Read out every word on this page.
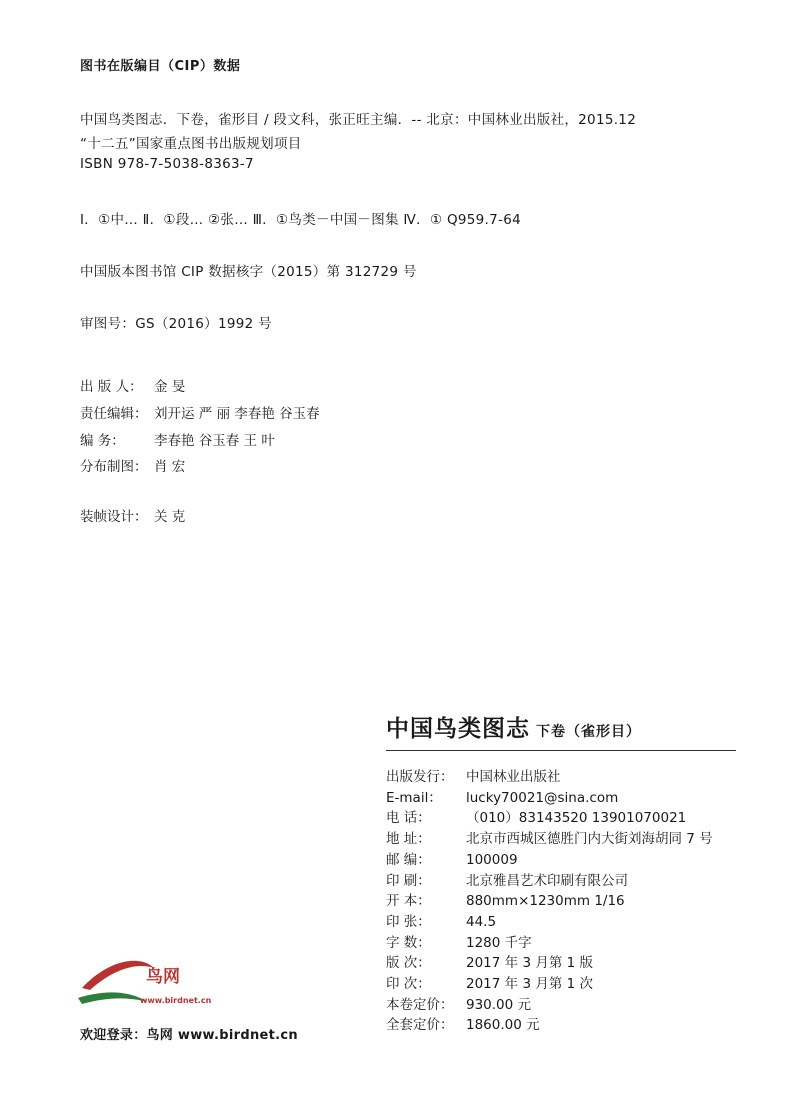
图书在版编目（CIP）数据
中国鸟类图志．下卷，雀形目 / 段文科，张正旺主编．-- 北京：中国林业出版社，2015.12
“十二五”国家重点图书出版规划项目
ISBN 978-7-5038-8363-7
Ⅰ．①中… Ⅱ．①段… ②张… Ⅲ．①鸟类－中国－图集 Ⅳ．① Q959.7-64
中国版本图书馆 CIP 数据核字（2015）第 312729 号
审图号：GS（2016）1992 号
出 版 人： 金 旻
责任编辑： 刘开运 严 丽 李春艳 谷玉春
编 务： 李春艳 谷玉春 王 叶
分布制图： 肖 宏
装帧设计： 关 克
中国鸟类图志 下卷（雀形目）
出版发行： 中国林业出版社
E-mail： lucky70021@sina.com
电 话：	（010）83143520 13901070021
地 址：	北京市西城区德胜门内大街刘海胡同 7 号
邮 编：	100009
印 刷：	北京雅昌艺术印刷有限公司
开 本：	880mm×1230mm 1/16
印 张：	44.5
字 数：	1280 千字
版 次：	2017 年 3 月第 1 版
印 次：	2017 年 3 月第 1 次
本卷定价： 930.00 元
全套定价： 1860.00 元
鸟网
www.birdnet.cn
欢迎登录：鸟网 www.birdnet.cn
